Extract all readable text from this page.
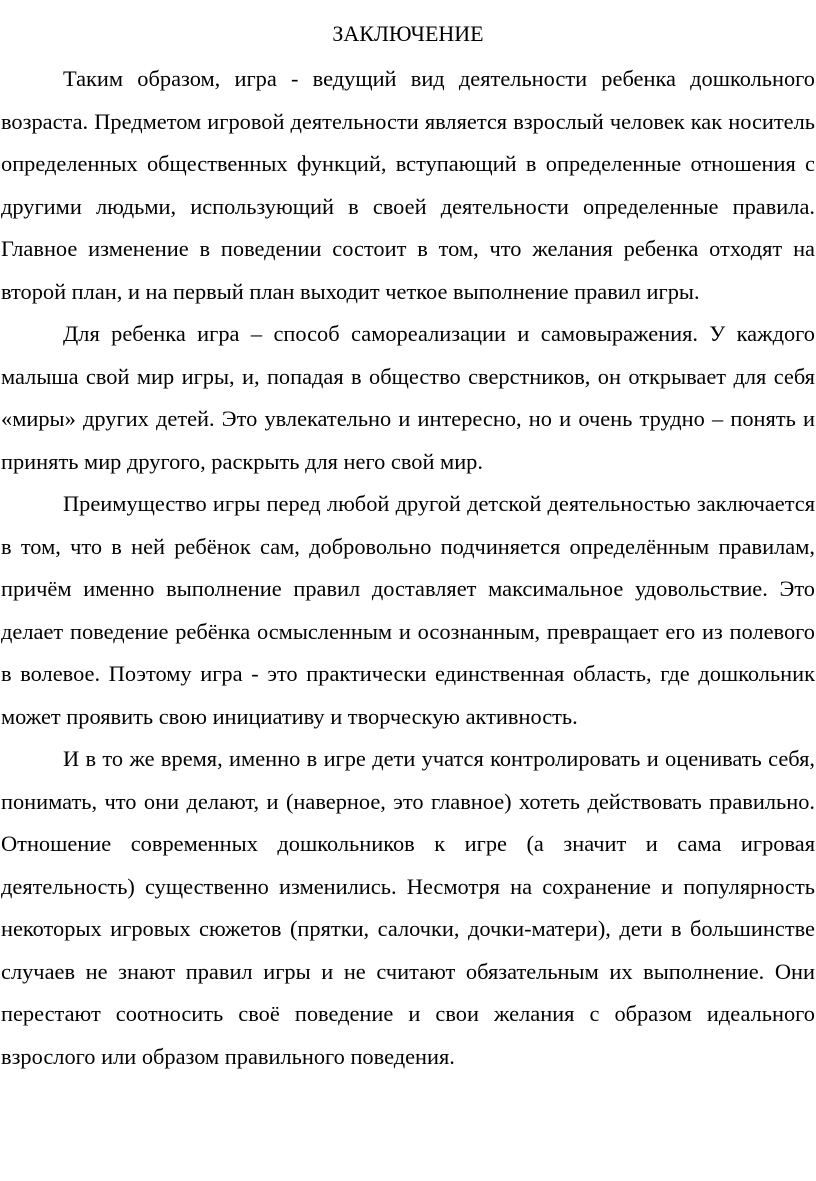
ЗАКЛЮЧЕНИЕ

Таким образом, игра - ведущий вид деятельности ребенка дошкольного возраста. Предметом игровой деятельности является взрослый человек как носитель определенных общественных функций, вступающий в определенные отношения с другими людьми, использующий в своей деятельности определенные правила. Главное изменение в поведении состоит в том, что желания ребенка отходят на второй план, и на первый план выходит четкое выполнение правил игры.

Для ребенка игра – способ самореализации и самовыражения. У каждого малыша свой мир игры, и, попадая в общество сверстников, он открывает для себя «миры» других детей. Это увлекательно и интересно, но и очень трудно – понять и принять мир другого, раскрыть для него свой мир.

Преимущество игры перед любой другой детской деятельностью заключается в том, что в ней ребёнок сам, добровольно подчиняется определённым правилам, причём именно выполнение правил доставляет максимальное удовольствие. Это делает поведение ребёнка осмысленным и осознанным, превращает его из полевого в волевое. Поэтому игра - это практически единственная область, где дошкольник может проявить свою инициативу и творческую активность.

И в то же время, именно в игре дети учатся контролировать и оценивать себя, понимать, что они делают, и (наверное, это главное) хотеть действовать правильно. Отношение современных дошкольников к игре (а значит и сама игровая деятельность) существенно изменились. Несмотря на сохранение и популярность некоторых игровых сюжетов (прятки, салочки, дочки-матери), дети в большинстве случаев не знают правил игры и не считают обязательным их выполнение. Они перестают соотносить своё поведение и свои желания с образом идеального взрослого или образом правильного поведения.
